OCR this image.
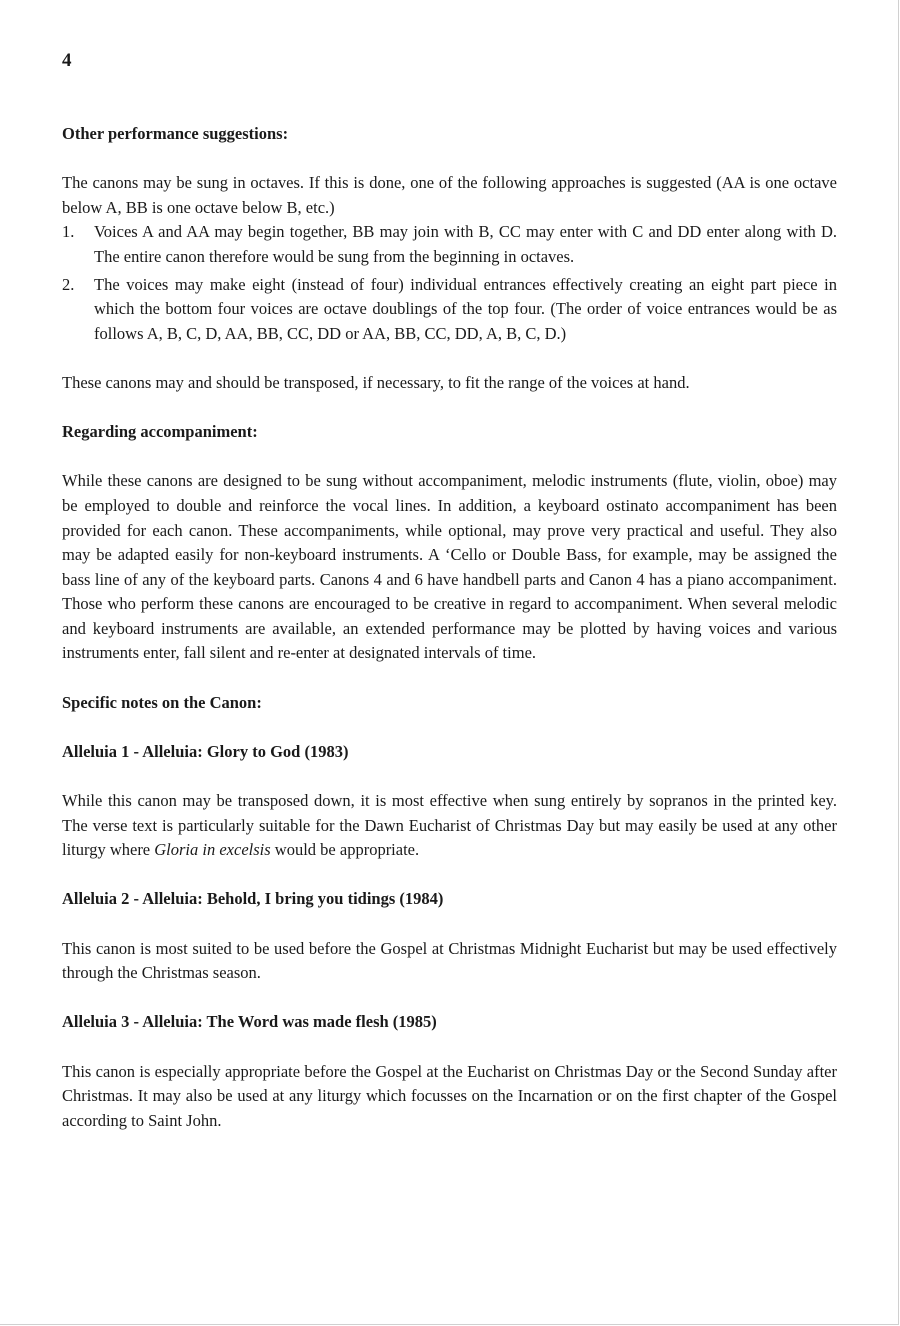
4
Other performance suggestions:

The canons may be sung in octaves. If this is done, one of the following approaches is suggested (AA is one octave below A, BB is one octave below B, etc.)

1. Voices A and AA may begin together, BB may join with B, CC may enter with C and DD enter along with D. The entire canon therefore would be sung from the beginning in octaves.
2. The voices may make eight (instead of four) individual entrances effectively creating an eight part piece in which the bottom four voices are octave doublings of the top four. (The order of voice entrances would be as follows A, B, C, D, AA, BB, CC, DD or AA, BB, CC, DD, A, B, C, D.)

These canons may and should be transposed, if necessary, to fit the range of the voices at hand.

Regarding accompaniment:

While these canons are designed to be sung without accompaniment, melodic instruments (flute, violin, oboe) may be employed to double and reinforce the vocal lines. In addition, a keyboard ostinato accompaniment has been provided for each canon. These accompaniments, while optional, may prove very practical and useful. They also may be adapted easily for non-keyboard instruments. A ‘Cello or Double Bass, for example, may be assigned the bass line of any of the keyboard parts. Canons 4 and 6 have handbell parts and Canon 4 has a piano accompaniment. Those who perform these canons are encouraged to be creative in regard to accompaniment. When several melodic and keyboard instruments are available, an extended performance may be plotted by having voices and various instruments enter, fall silent and re-enter at designated intervals of time.

Specific notes on the Canon:
Alleluia 1 - Alleluia: Glory to God (1983)

While this canon may be transposed down, it is most effective when sung entirely by sopranos in the printed key. The verse text is particularly suitable for the Dawn Eucharist of Christmas Day but may easily be used at any other liturgy where Gloria in excelsis would be appropriate.

Alleluia 2 - Alleluia: Behold, I bring you tidings (1984)

This canon is most suited to be used before the Gospel at Christmas Midnight Eucharist but may be used effectively through the Christmas season.

Alleluia 3 - Alleluia: The Word was made flesh (1985)

This canon is especially appropriate before the Gospel at the Eucharist on Christmas Day or the Second Sunday after Christmas. It may also be used at any liturgy which focusses on the Incarnation or on the first chapter of the Gospel according to Saint John.
